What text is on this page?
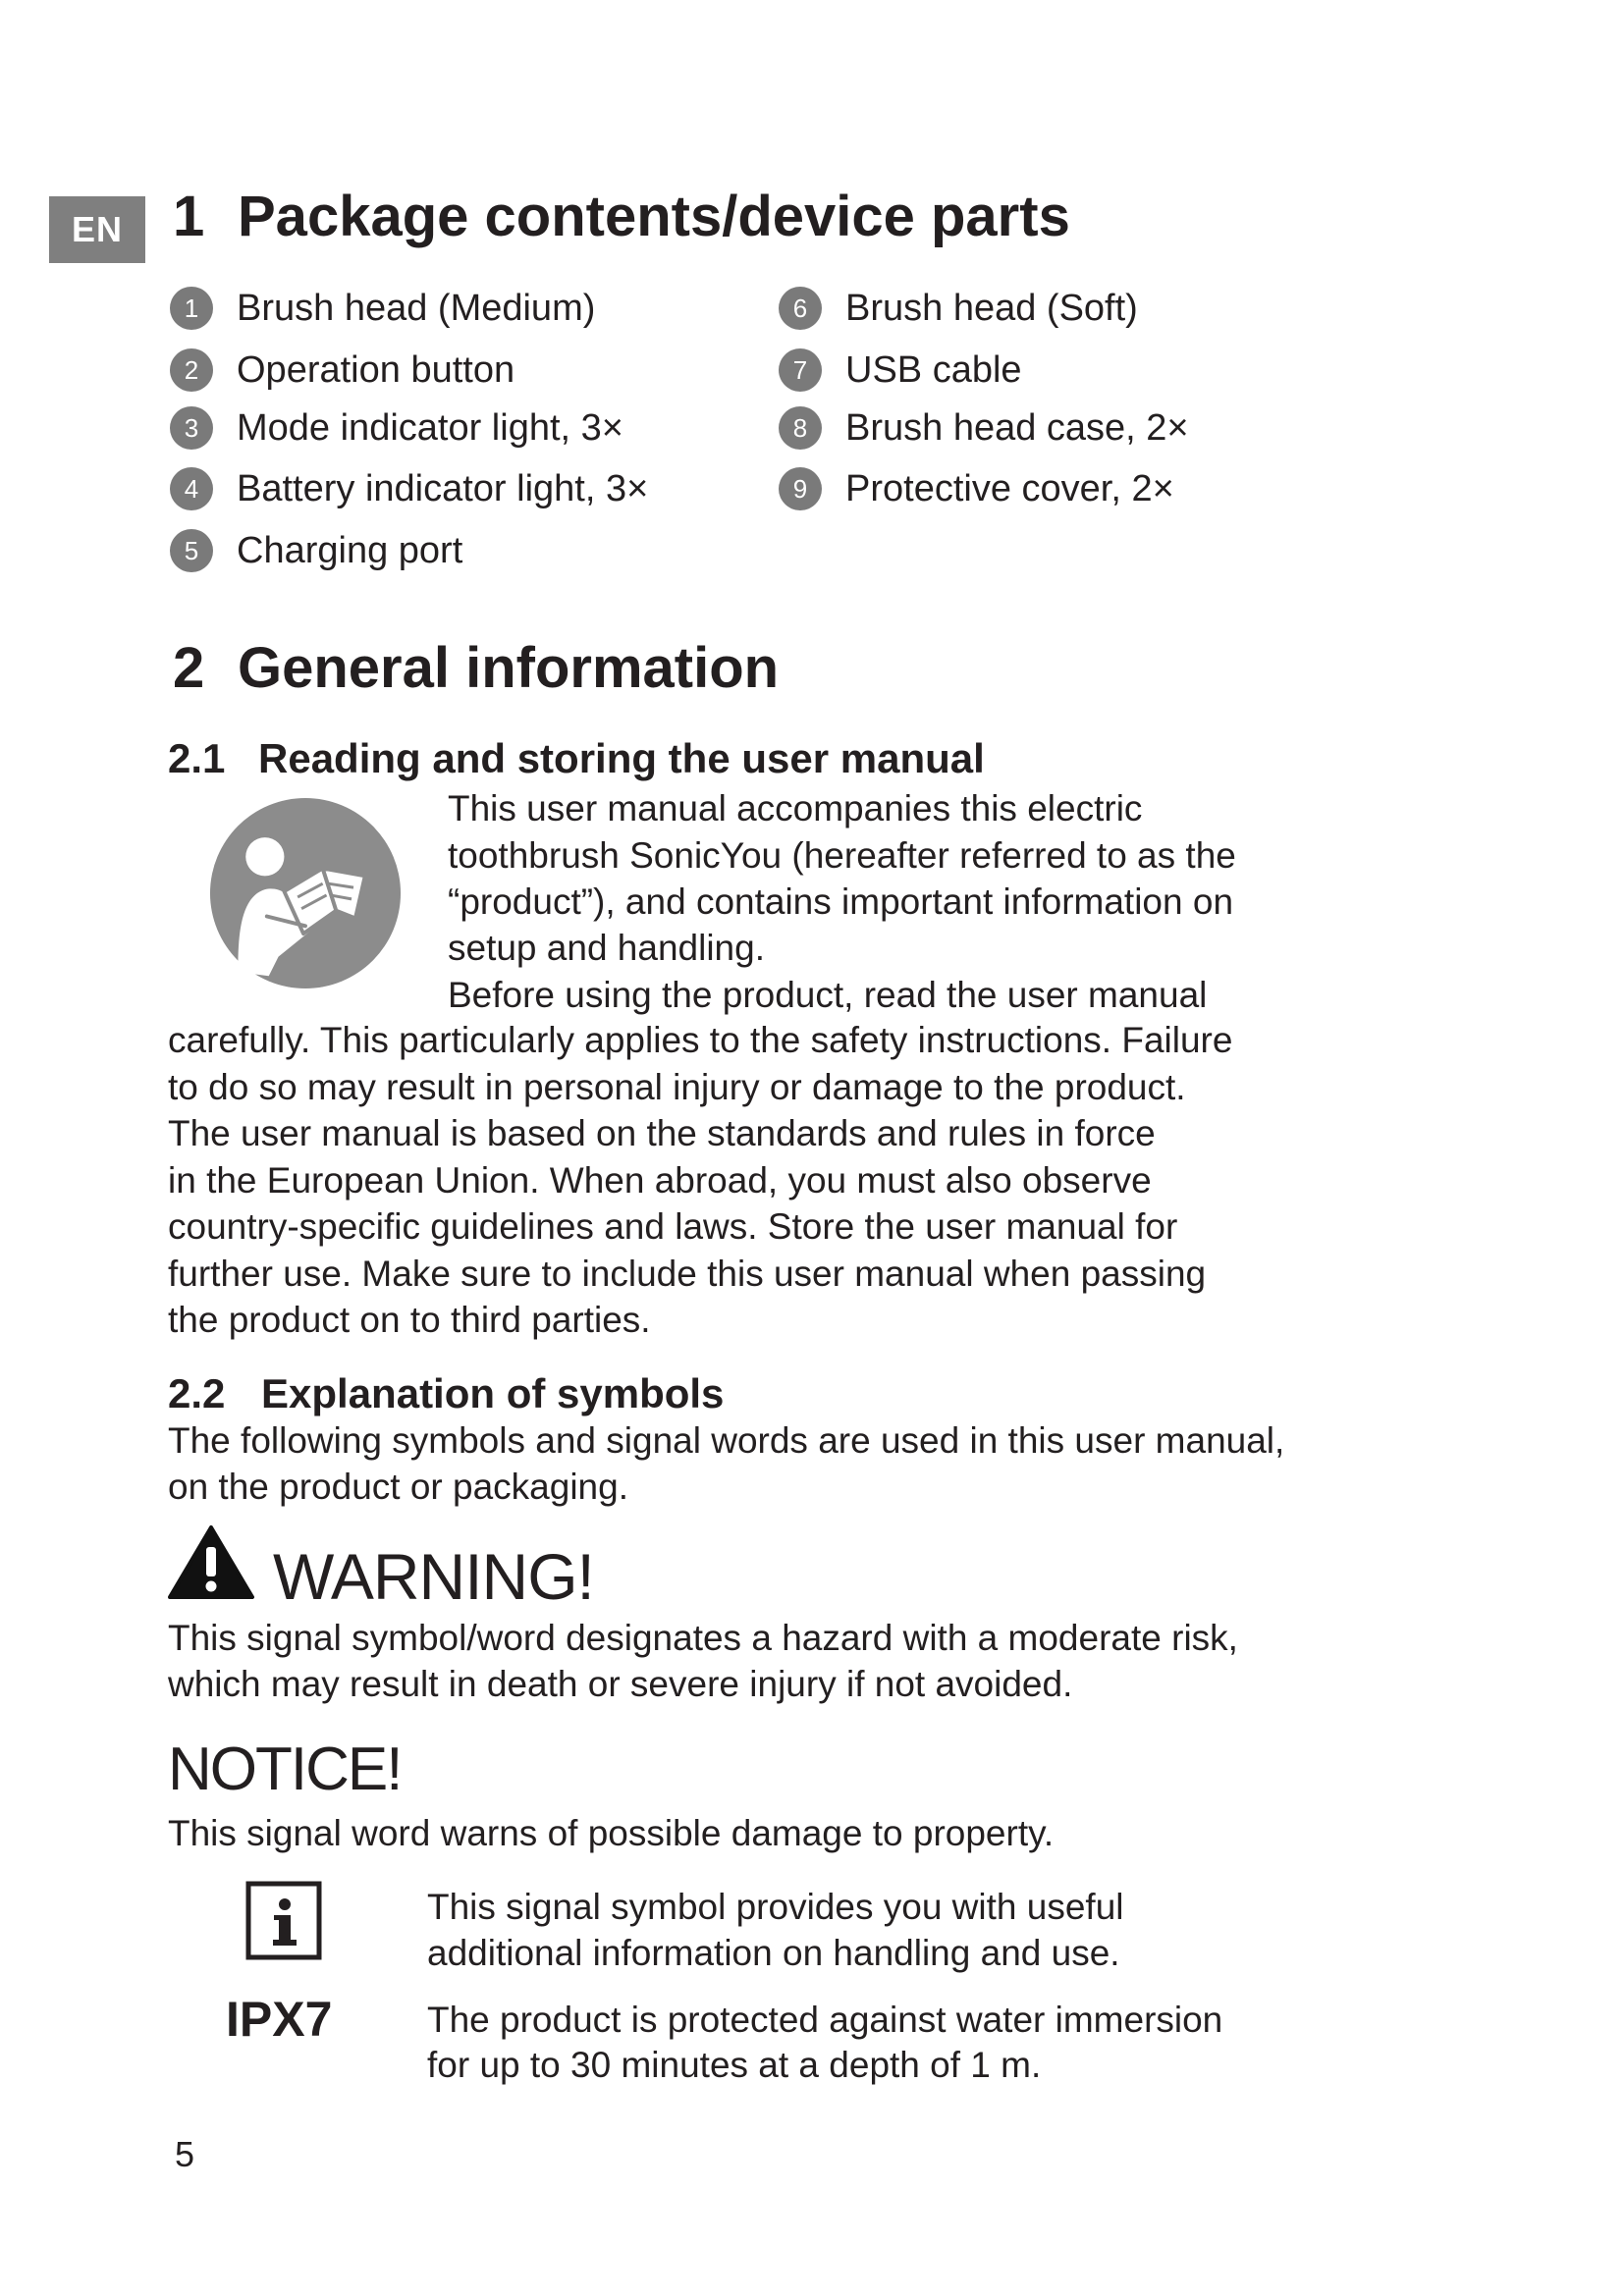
EN 1 Package contents/device parts
1	Brush head (Medium)
2	Operation button
3	Mode indicator light, 3×
4	Battery indicator light, 3×
5	Charging port
6	Brush head (Soft)
7	USB cable
8	Brush head case, 2×
9	Protective cover, 2×
2 General information
2.1 Reading and storing the user manual
This user manual accompanies this electric
toothbrush SonicYou (hereafter referred to as the
“product”), and contains important information on
setup and handling.
Before using the product, read the user manual
carefully. This particularly applies to the safety instructions. Failure
to do so may result in personal injury or damage to the product.
The user manual is based on the standards and rules in force
in the European Union. When abroad, you must also observe
country-specific guidelines and laws. Store the user manual for
further use. Make sure to include this user manual when passing
the product on to third parties.
2.2 Explanation of symbols
The following symbols and signal words are used in this user manual,
on the product or packaging.
WARNING!
This signal symbol/word designates a hazard with a moderate risk,
which may result in death or severe injury if not avoided.
NOTICE!
This signal word warns of possible damage to property.
This signal symbol provides you with useful
additional information on handling and use.
IPX7	The product is protected against water immersion
for up to 30 minutes at a depth of 1 m.
5
